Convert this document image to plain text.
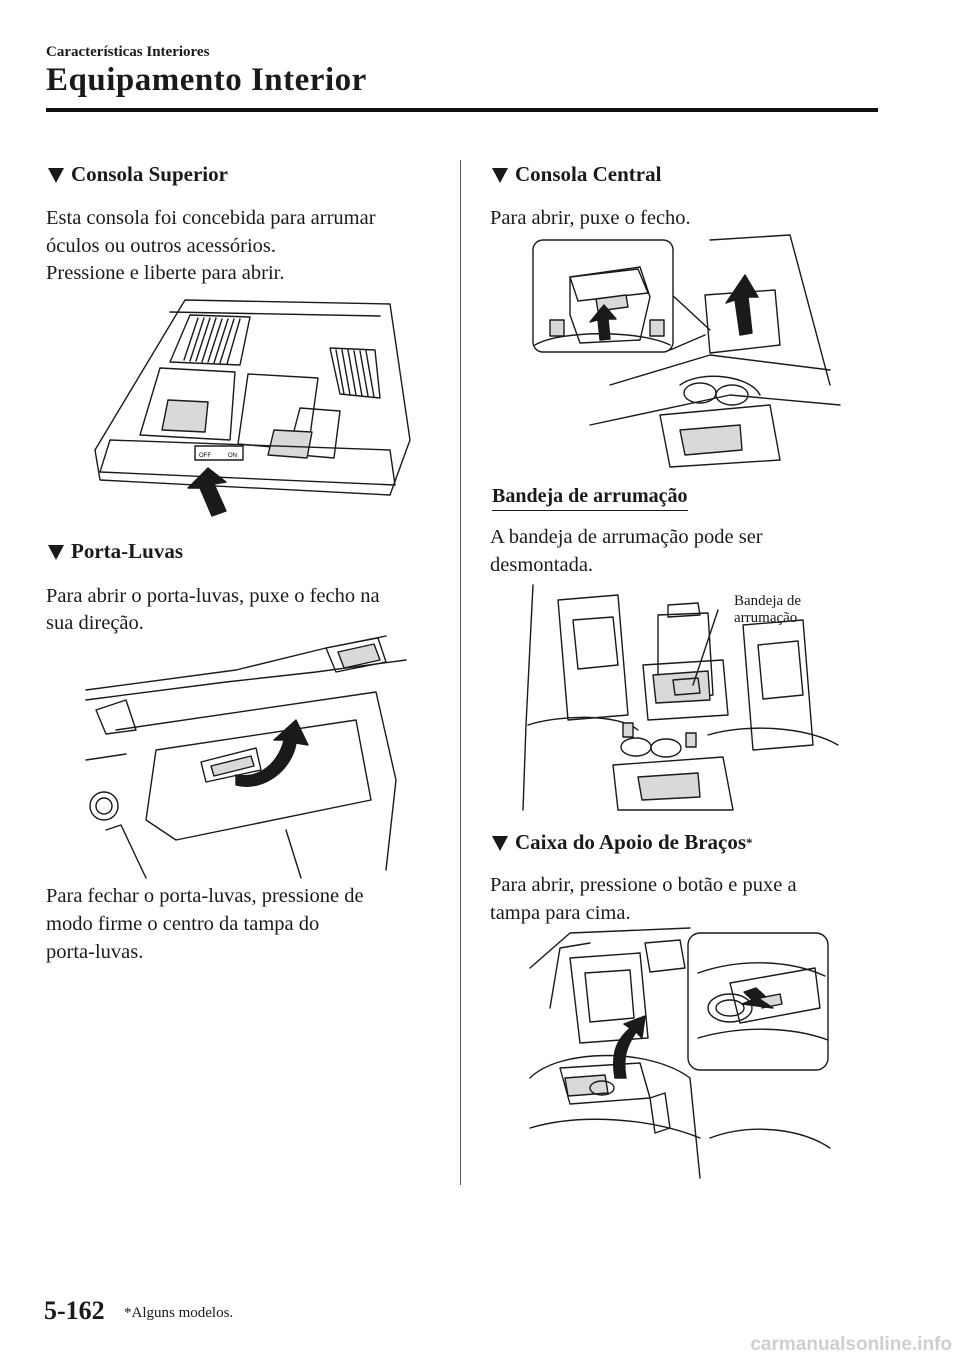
Características Interiores
Equipamento Interior
Consola Superior
Esta consola foi concebida para arrumar
óculos ou outros acessórios.
Pressione e liberte para abrir.
OFF	ON
Porta-Luvas
Para abrir o porta-luvas, puxe o fecho na
sua direção.
Para fechar o porta-luvas, pressione de
modo firme o centro da tampa do
porta-luvas.
Consola Central
Para abrir, puxe o fecho.
Bandeja de arrumação
A bandeja de arrumação pode ser
desmontada.
Bandeja de
arrumação
Caixa do Apoio de Braços *
Para abrir, pressione o botão e puxe a
tampa para cima.
5-162 *Alguns modelos.
carmanualsonline.info
